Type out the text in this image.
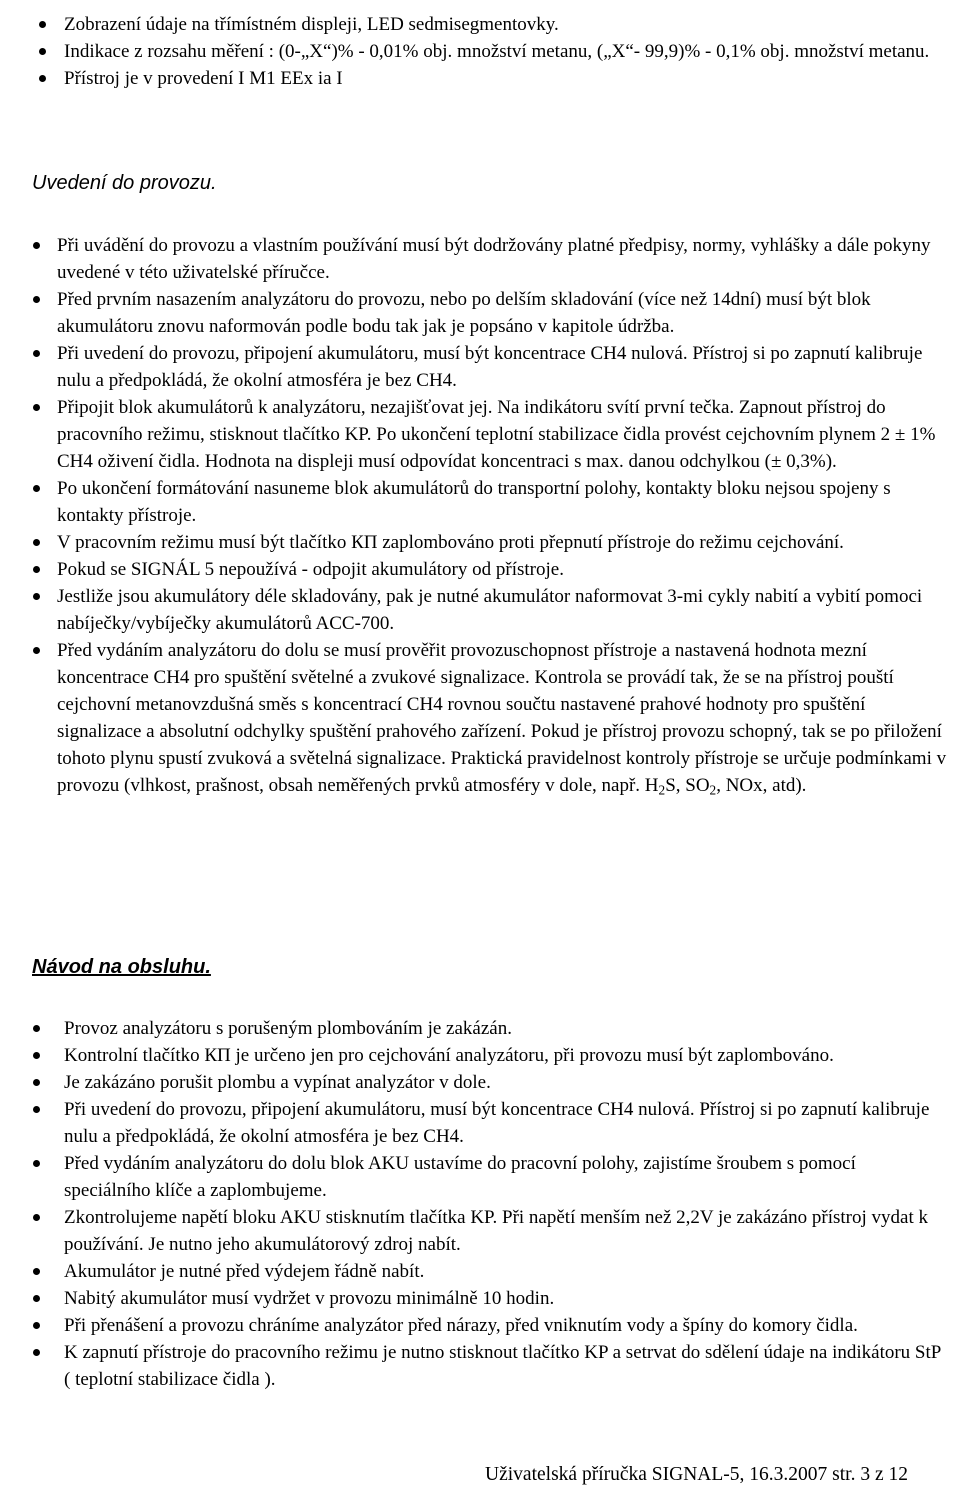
Zobrazení údaje na třímístném displeji, LED sedmisegmentovky.
Indikace z rozsahu měření : (0-„X“)% - 0,01% obj. množství metanu, („X“- 99,9)% - 0,1% obj. množství metanu.
Přístroj je v provedení I M1 EEx ia I
Uvedení do provozu.
Při uvádění do provozu a vlastním používání musí být dodržovány platné předpisy, normy, vyhlášky a dále pokyny uvedené v této uživatelské příručce.
Před prvním nasazením analyzátoru do provozu, nebo po delším skladování (více než 14dní) musí být blok akumulátoru znovu naformován podle bodu tak jak je popsáno v kapitole údržba.
Při uvedení do provozu, připojení akumulátoru, musí být koncentrace CH4 nulová. Přístroj si po zapnutí kalibruje nulu a předpokládá, že okolní atmosféra je bez CH4.
Připojit blok akumulátorů k analyzátoru, nezajišťovat jej. Na indikátoru svítí první tečka. Zapnout přístroj do pracovního režimu, stisknout tlačítko KP. Po ukončení teplotní stabilizace čidla provést cejchovním plynem 2 ± 1% CH4 oživení čidla. Hodnota na displeji musí odpovídat koncentraci s max. danou odchylkou (± 0,3%).
Po ukončení formátování nasuneme blok akumulátorů do transportní polohy, kontakty bloku nejsou spojeny s kontakty přístroje.
V pracovním režimu musí být tlačítko КП zaplombováno proti přepnutí přístroje do režimu cejchování.
Pokud se SIGNÁL 5 nepoužívá - odpojit akumulátory od přístroje.
Jestliže jsou akumulátory déle skladovány, pak je nutné akumulátor naformovat 3-mi cykly nabití a vybití pomoci nabíječky/vybíječky akumulátorů ACC-700.
Před vydáním analyzátoru do dolu se musí prověřit provozuschopnost přístroje a nastavená hodnota mezní koncentrace CH4 pro spuštění světelné a zvukové signalizace. Kontrola se provádí tak, že se na přístroj pouští cejchovní metanovzdušná směs s koncentrací CH4 rovnou součtu nastavené prahové hodnoty pro spuštění signalizace a absolutní odchylky spuštění prahového zařízení. Pokud je přístroj provozu schopný, tak se po přiložení tohoto plynu spustí zvuková a světelná signalizace. Praktická pravidelnost kontroly přístroje se určuje podmínkami v provozu (vlhkost, prašnost, obsah neměřených prvků atmosféry v dole, např. $H_2S$, $SO_2$, NOx, atd).
Návod na obsluhu.
Provoz analyzátoru s porušeným plombováním je zakázán.
Kontrolní tlačítko КП je určeno jen pro cejchování analyzátoru, při provozu musí být zaplombováno.
Je zakázáno porušit plombu a vypínat analyzátor v dole.
Při uvedení do provozu, připojení akumulátoru, musí být koncentrace CH4 nulová. Přístroj si po zapnutí kalibruje nulu a předpokládá, že okolní atmosféra je bez CH4.
Před vydáním analyzátoru do dolu blok AKU ustavíme do pracovní polohy, zajistíme šroubem s pomocí speciálního klíče a zaplombujeme.
Zkontrolujeme napětí bloku AKU stisknutím tlačítka KP. Při napětí menším než 2,2V je zakázáno přístroj vydat k používání. Je nutno jeho akumulátorový zdroj nabít.
Akumulátor je nutné před výdejem řádně nabít.
Nabitý akumulátor musí vydržet v provozu minimálně 10 hodin.
Při přenášení a provozu chráníme analyzátor před nárazy, před vniknutím vody a špíny do komory čidla.
K zapnutí přístroje do pracovního režimu je nutno stisknout tlačítko KP a setrvat do sdělení údaje na indikátoru StP ( teplotní stabilizace čidla ).
Uživatelská příručka SIGNAL-5, 16.3.2007 str. 3 z 12
